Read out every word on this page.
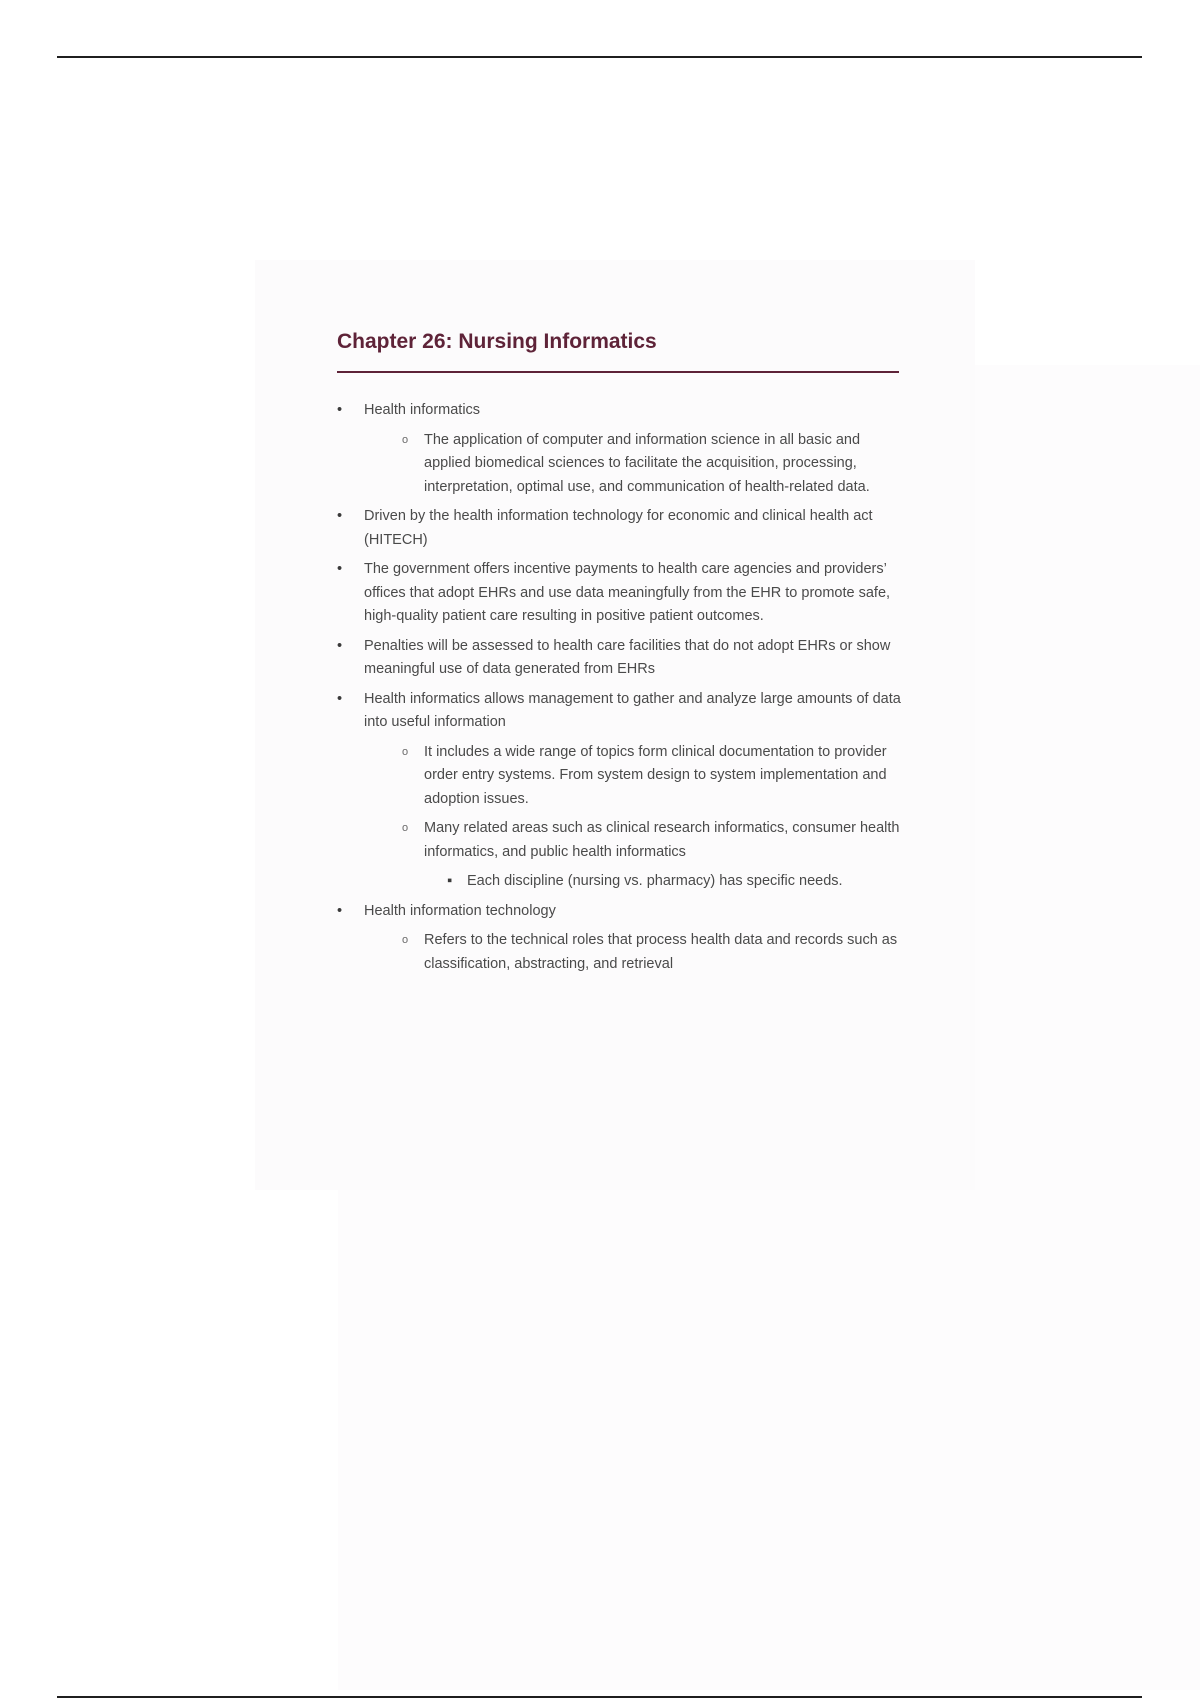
Chapter 26: Nursing Informatics
•	Health informatics
o The application of computer and information science in all basic and applied biomedical sciences to facilitate the acquisition, processing, interpretation, optimal use, and communication of health-related data.
•	Driven by the health information technology for economic and clinical health act (HITECH)
•	The government offers incentive payments to health care agencies and providers’ offices that adopt EHRs and use data meaningfully from the EHR to promote safe, high-quality patient care resulting in positive patient outcomes.
•	Penalties will be assessed to health care facilities that do not adopt EHRs or show meaningful use of data generated from EHRs
•	Health informatics allows management to gather and analyze large amounts of data into useful information
o It includes a wide range of topics form clinical documentation to provider order entry systems. From system design to system implementation and adoption issues.
o Many related areas such as clinical research informatics, consumer health informatics, and public health informatics
▪ Each discipline (nursing vs. pharmacy) has specific needs.
•	Health information technology
o Refers to the technical roles that process health data and records such as classification, abstracting, and retrieval
